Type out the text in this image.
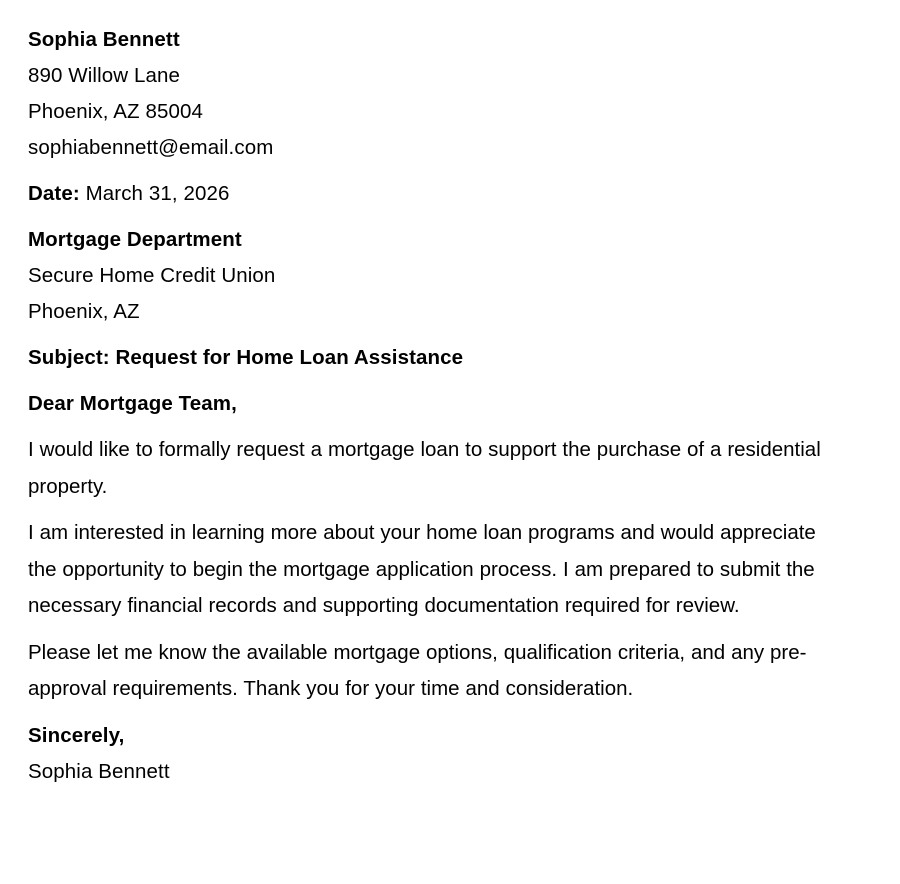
Sophia Bennett
890 Willow Lane
Phoenix, AZ 85004
sophiabennett@email.com
Date: March 31, 2026
Mortgage Department
Secure Home Credit Union
Phoenix, AZ
Subject: Request for Home Loan Assistance
Dear Mortgage Team,

I would like to formally request a mortgage loan to support the purchase of a residential property.

I am interested in learning more about your home loan programs and would appreciate the opportunity to begin the mortgage application process. I am prepared to submit the necessary financial records and supporting documentation required for review.

Please let me know the available mortgage options, qualification criteria, and any pre-approval requirements. Thank you for your time and consideration.

Sincerely,
Sophia Bennett
